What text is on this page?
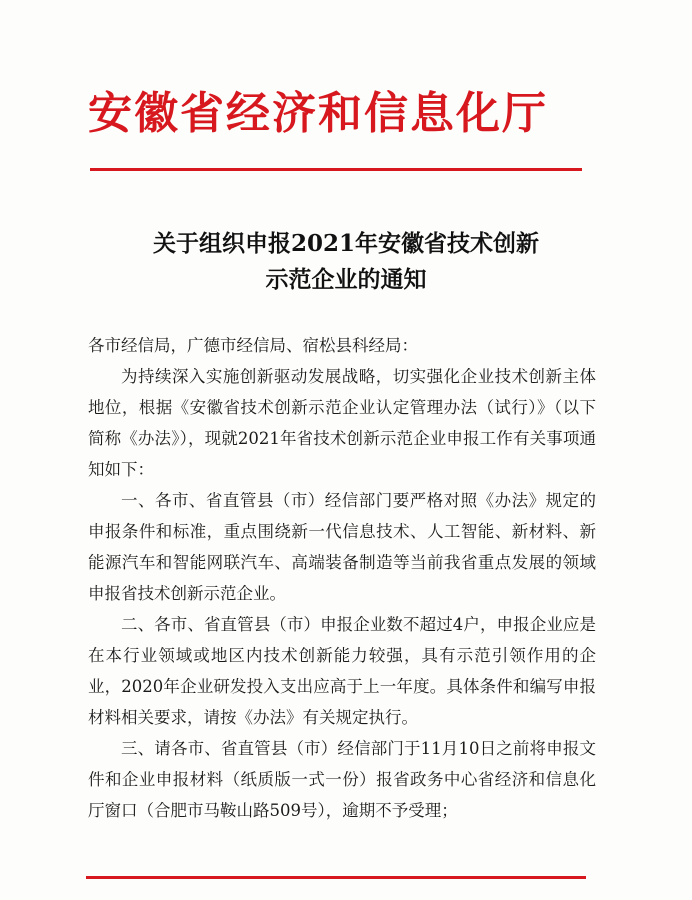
安徽省经济和信息化厅
关于组织申报2021年安徽省技术创新
示范企业的通知

各市经信局，广德市经信局、宿松县科经局：

为持续深入实施创新驱动发展战略，切实强化企业技术创新主体地位，根据《安徽省技术创新示范企业认定管理办法（试行）》（以下简称《办法》），现就2021年省技术创新示范企业申报工作有关事项通知如下：

一、各市、省直管县（市）经信部门要严格对照《办法》规定的申报条件和标准，重点围绕新一代信息技术、人工智能、新材料、新能源汽车和智能网联汽车、高端装备制造等当前我省重点发展的领域申报省技术创新示范企业。

二、各市、省直管县（市）申报企业数不超过4户，申报企业应是在本行业领域或地区内技术创新能力较强，具有示范引领作用的企业，2020年企业研发投入支出应高于上一年度。具体条件和编写申报材料相关要求，请按《办法》有关规定执行。

三、请各市、省直管县（市）经信部门于11月10日之前将申报文件和企业申报材料（纸质版一式一份）报省政务中心省经济和信息化厅窗口（合肥市马鞍山路509号），逾期不予受理；
